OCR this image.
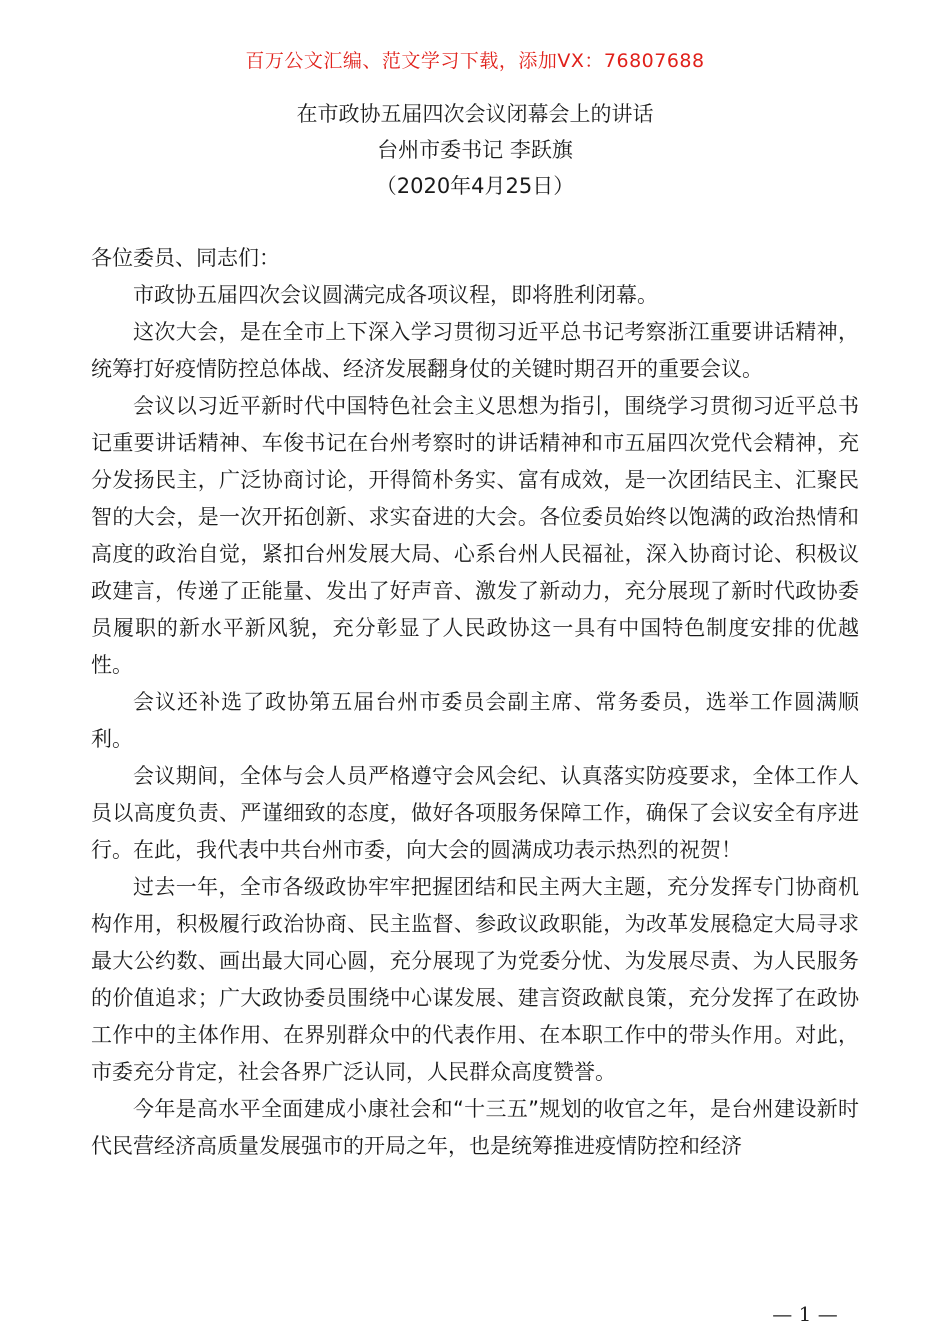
百万公文汇编、范文学习下载，添加VX：76807688
在市政协五届四次会议闭幕会上的讲话
台州市委书记 李跃旗
（2020年4月25日）

各位委员、同志们：

市政协五届四次会议圆满完成各项议程，即将胜利闭幕。

这次大会，是在全市上下深入学习贯彻习近平总书记考察浙江重要讲话精神，统筹打好疫情防控总体战、经济发展翻身仗的关键时期召开的重要会议。

会议以习近平新时代中国特色社会主义思想为指引，围绕学习贯彻习近平总书记重要讲话精神、车俊书记在台州考察时的讲话精神和市五届四次党代会精神，充分发扬民主，广泛协商讨论，开得简朴务实、富有成效，是一次团结民主、汇聚民智的大会，是一次开拓创新、求实奋进的大会。各位委员始终以饱满的政治热情和高度的政治自觉，紧扣台州发展大局、心系台州人民福祉，深入协商讨论、积极议政建言，传递了正能量、发出了好声音、激发了新动力，充分展现了新时代政协委员履职的新水平新风貌，充分彰显了人民政协这一具有中国特色制度安排的优越性。

会议还补选了政协第五届台州市委员会副主席、常务委员，选举工作圆满顺利。

会议期间，全体与会人员严格遵守会风会纪、认真落实防疫要求，全体工作人员以高度负责、严谨细致的态度，做好各项服务保障工作，确保了会议安全有序进行。在此，我代表中共台州市委，向大会的圆满成功表示热烈的祝贺！

过去一年，全市各级政协牢牢把握团结和民主两大主题，充分发挥专门协商机构作用，积极履行政治协商、民主监督、参政议政职能，为改革发展稳定大局寻求最大公约数、画出最大同心圆，充分展现了为党委分忧、为发展尽责、为人民服务的价值追求；广大政协委员围绕中心谋发展、建言资政献良策，充分发挥了在政协工作中的主体作用、在界别群众中的代表作用、在本职工作中的带头作用。对此，市委充分肯定，社会各界广泛认同，人民群众高度赞誉。

今年是高水平全面建成小康社会和“十三五”规划的收官之年，是台州建设新时代民营经济高质量发展强市的开局之年，也是统筹推进疫情防控和经济

— 1 —
